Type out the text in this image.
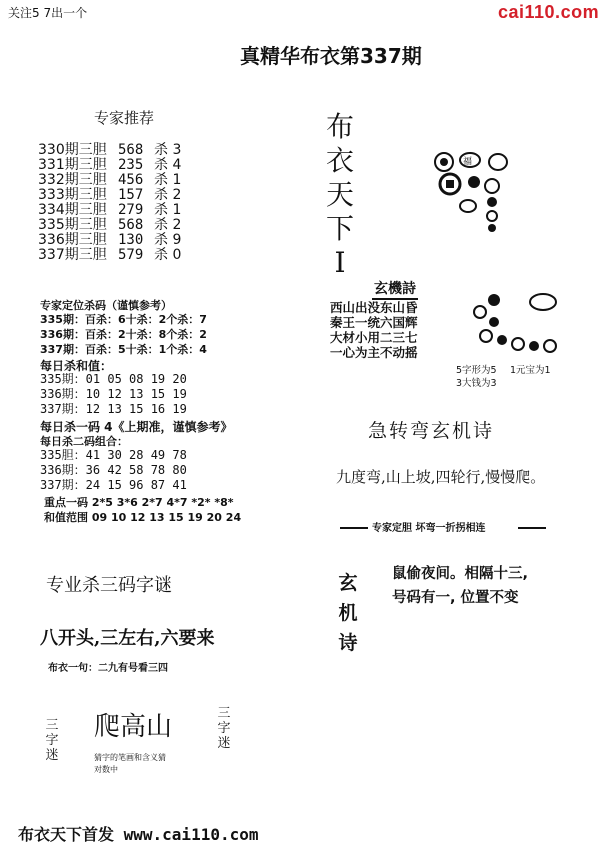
关注5 7出一个	cai110.com
真精华布衣第337期
专家推荐
330期三胆 568 杀 3
331期三胆 235 杀 4
332期三胆 456 杀 1
333期三胆 157 杀 2
334期三胆 279 杀 1
335期三胆 568 杀 2
336期三胆 130 杀 9
337期三胆 579 杀 0
布
衣
天
下
I
福
专家定位杀码（谨慎参考）
335期：百杀：6十杀：2个杀：7
336期：百杀：2十杀：8个杀：2
337期：百杀：5十杀：1个杀：4
每日杀和值：
335期：01 05 08 19 20
336期：10 12 13 15 19
337期：12 13 15 16 19
每日杀一码 4《上期准，谨慎参考》
每日杀二码组合：
335胆：41 30 28 49 78
336期：36 42 58 78 80
337期：24 15 96 87 41
重点一码 2*5 3*6 2*7 4*7 *2* *8*
和值范围 09 10 12 13 15 19 20 24
玄機詩
西山出没东山昏
秦王一统六国辉
大材小用二三七
一心为主不动摇
5字形为5 1元宝为1
3大钱为3
急转弯玄机诗
九度弯,山上坡,四轮行,慢慢爬。
专家定胆 坏弯一折拐相连
玄
机
诗
鼠偷夜间。相隔十三,
号码有一, 位置不变
专业杀三码字谜
八开头,三左右,六要来
布衣一句：二九有号看三四
三
字
迷
爬高山
猜字的笔画和含义猜
对数中
三
字
迷
布衣天下首发 www.cai110.com
